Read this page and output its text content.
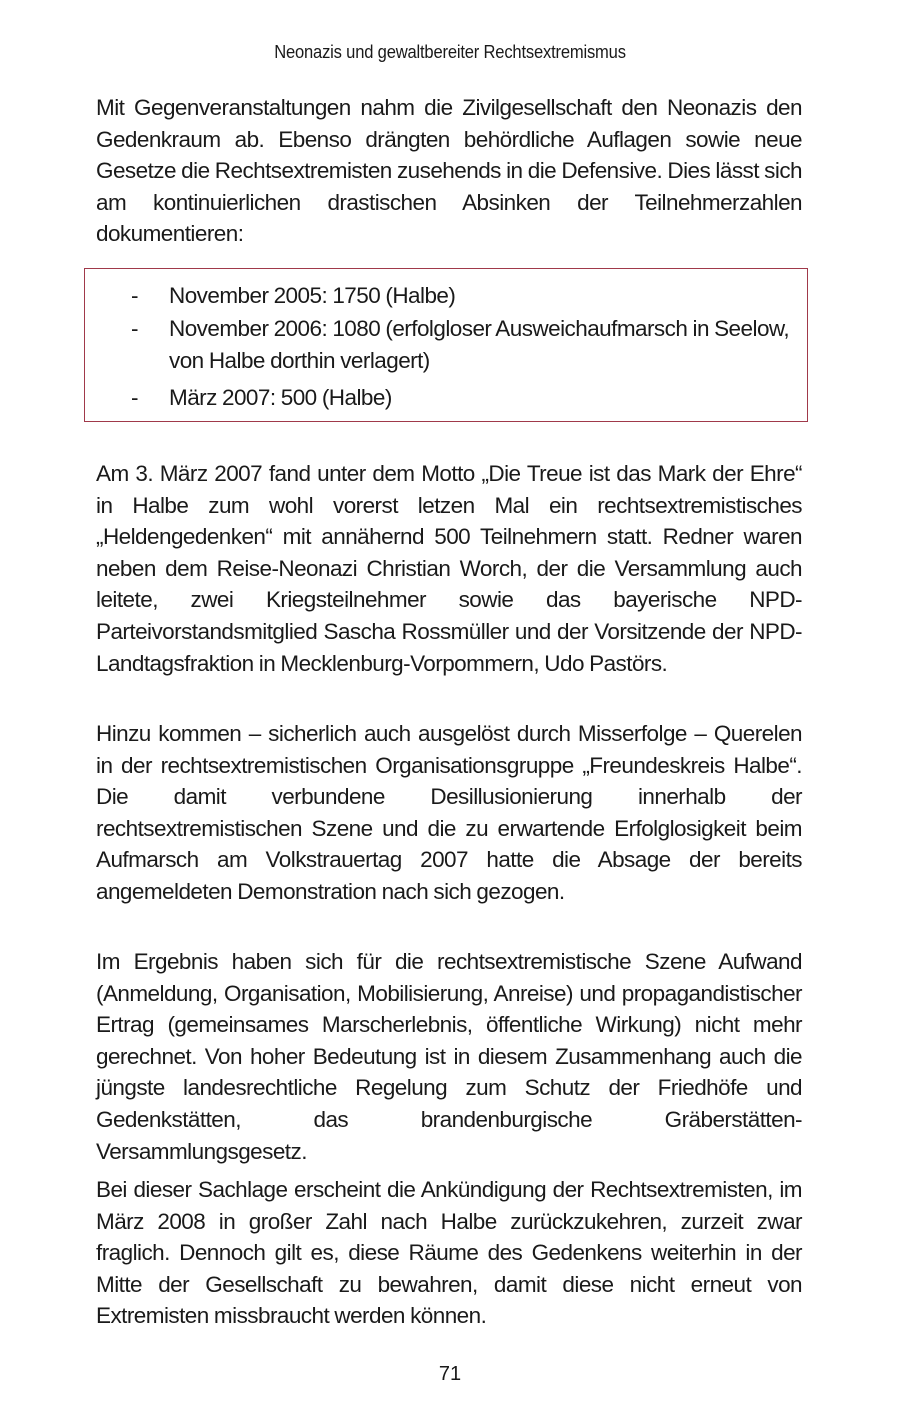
Neonazis und gewaltbereiter Rechtsextremismus

Mit Gegenveranstaltungen nahm die Zivilgesellschaft den Neonazis den Gedenkraum ab. Ebenso drängten behördliche Auflagen sowie neue Gesetze die Rechtsextremisten zusehends in die Defensive. Dies lässt sich am kontinuierlichen drastischen Absinken der Teilnehmerzahlen dokumentieren:

- November 2005: 1750 (Halbe)
- November 2006: 1080 (erfolgloser Ausweichaufmarsch in Seelow, von Halbe dorthin verlagert)
- März 2007: 500 (Halbe)

Am 3. März 2007 fand unter dem Motto „Die Treue ist das Mark der Ehre“ in Halbe zum wohl vorerst letzen Mal ein rechtsextremistisches „Heldengedenken“ mit annähernd 500 Teilnehmern statt. Redner waren neben dem Reise-Neonazi Christian Worch, der die Versammlung auch leitete, zwei Kriegsteilnehmer sowie das bayerische NPD-Parteivorstandsmitglied Sascha Rossmüller und der Vorsitzende der NPD-Landtagsfraktion in Mecklenburg-Vorpommern, Udo Pastörs.

Hinzu kommen – sicherlich auch ausgelöst durch Misserfolge – Querelen in der rechtsextremistischen Organisationsgruppe „Freundeskreis Halbe“. Die damit verbundene Desillusionierung innerhalb der rechtsextremistischen Szene und die zu erwartende Erfolglosigkeit beim Aufmarsch am Volkstrauertag 2007 hatte die Absage der bereits angemeldeten Demonstration nach sich gezogen.

Im Ergebnis haben sich für die rechtsextremistische Szene Aufwand (Anmeldung, Organisation, Mobilisierung, Anreise) und propagandistischer Ertrag (gemeinsames Marscherlebnis, öffentliche Wirkung) nicht mehr gerechnet. Von hoher Bedeutung ist in diesem Zusammenhang auch die jüngste landesrechtliche Regelung zum Schutz der Friedhöfe und Gedenkstätten, das brandenburgische Gräberstätten-Versammlungsgesetz.

Bei dieser Sachlage erscheint die Ankündigung der Rechtsextremisten, im März 2008 in großer Zahl nach Halbe zurückzukehren, zurzeit zwar fraglich. Dennoch gilt es, diese Räume des Gedenkens weiterhin in der Mitte der Gesellschaft zu bewahren, damit diese nicht erneut von Extremisten missbraucht werden können.

71
